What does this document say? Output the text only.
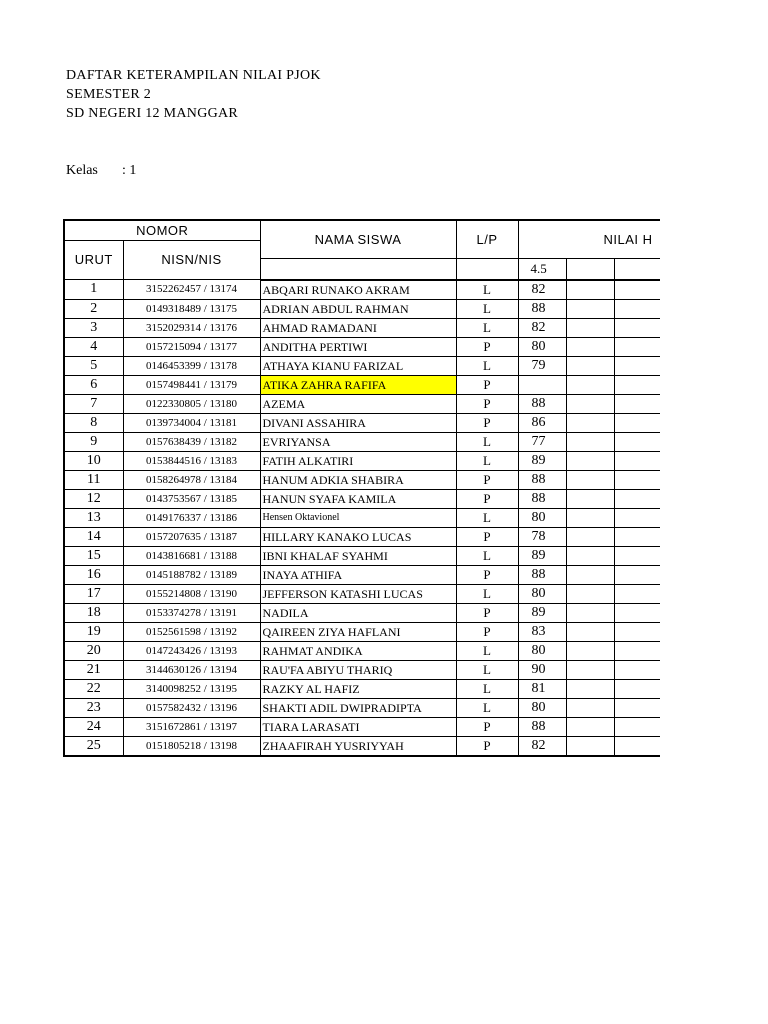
DAFTAR KETERAMPILAN NILAI PJOK
SEMESTER 2
SD NEGERI 12 MANGGAR
Kelas : 1
NOMOR		NAMA SISWA	L/P	NILAI H			
URUT	NISN/NIS						
				4.5			
1	3152262457 / 13174	ABQARI RUNAKO AKRAM	L	82			
2	0149318489 / 13175	ADRIAN ABDUL RAHMAN	L	88			
3	3152029314 / 13176	AHMAD RAMADANI	L	82			
4	0157215094 / 13177	ANDITHA PERTIWI	P	80			
5	0146453399 / 13178	ATHAYA KIANU FARIZAL	L	79			
6	0157498441 / 13179	ATIKA ZAHRA RAFIFA	P				
7	0122330805 / 13180	AZEMA	P	88			
8	0139734004 / 13181	DIVANI ASSAHIRA	P	86			
9	0157638439 / 13182	EVRIYANSA	L	77			
10	0153844516 / 13183	FATIH ALKATIRI	L	89			
11	0158264978 / 13184	HANUM ADKIA SHABIRA	P	88			
12	0143753567 / 13185	HANUN SYAFA KAMILA	P	88			
13	0149176337 / 13186	Hensen Oktavionel	L	80			
14	0157207635 / 13187	HILLARY KANAKO LUCAS	P	78			
15	0143816681 / 13188	IBNI KHALAF SYAHMI	L	89			
16	0145188782 / 13189	INAYA ATHIFA	P	88			
17	0155214808 / 13190	JEFFERSON KATASHI LUCAS	L	80			
18	0153374278 / 13191	NADILA	P	89			
19	0152561598 / 13192	QAIREEN ZIYA HAFLANI	P	83			
20	0147243426 / 13193	RAHMAT ANDIKA	L	80			
21	3144630126 / 13194	RAU'FA ABIYU THARIQ	L	90			
22	3140098252 / 13195	RAZKY AL HAFIZ	L	81			
23	0157582432 / 13196	SHAKTI ADIL DWIPRADIPTA	L	80			
24	3151672861 / 13197	TIARA LARASATI	P	88			
25	0151805218 / 13198	ZHAAFIRAH YUSRIYYAH	P	82			
